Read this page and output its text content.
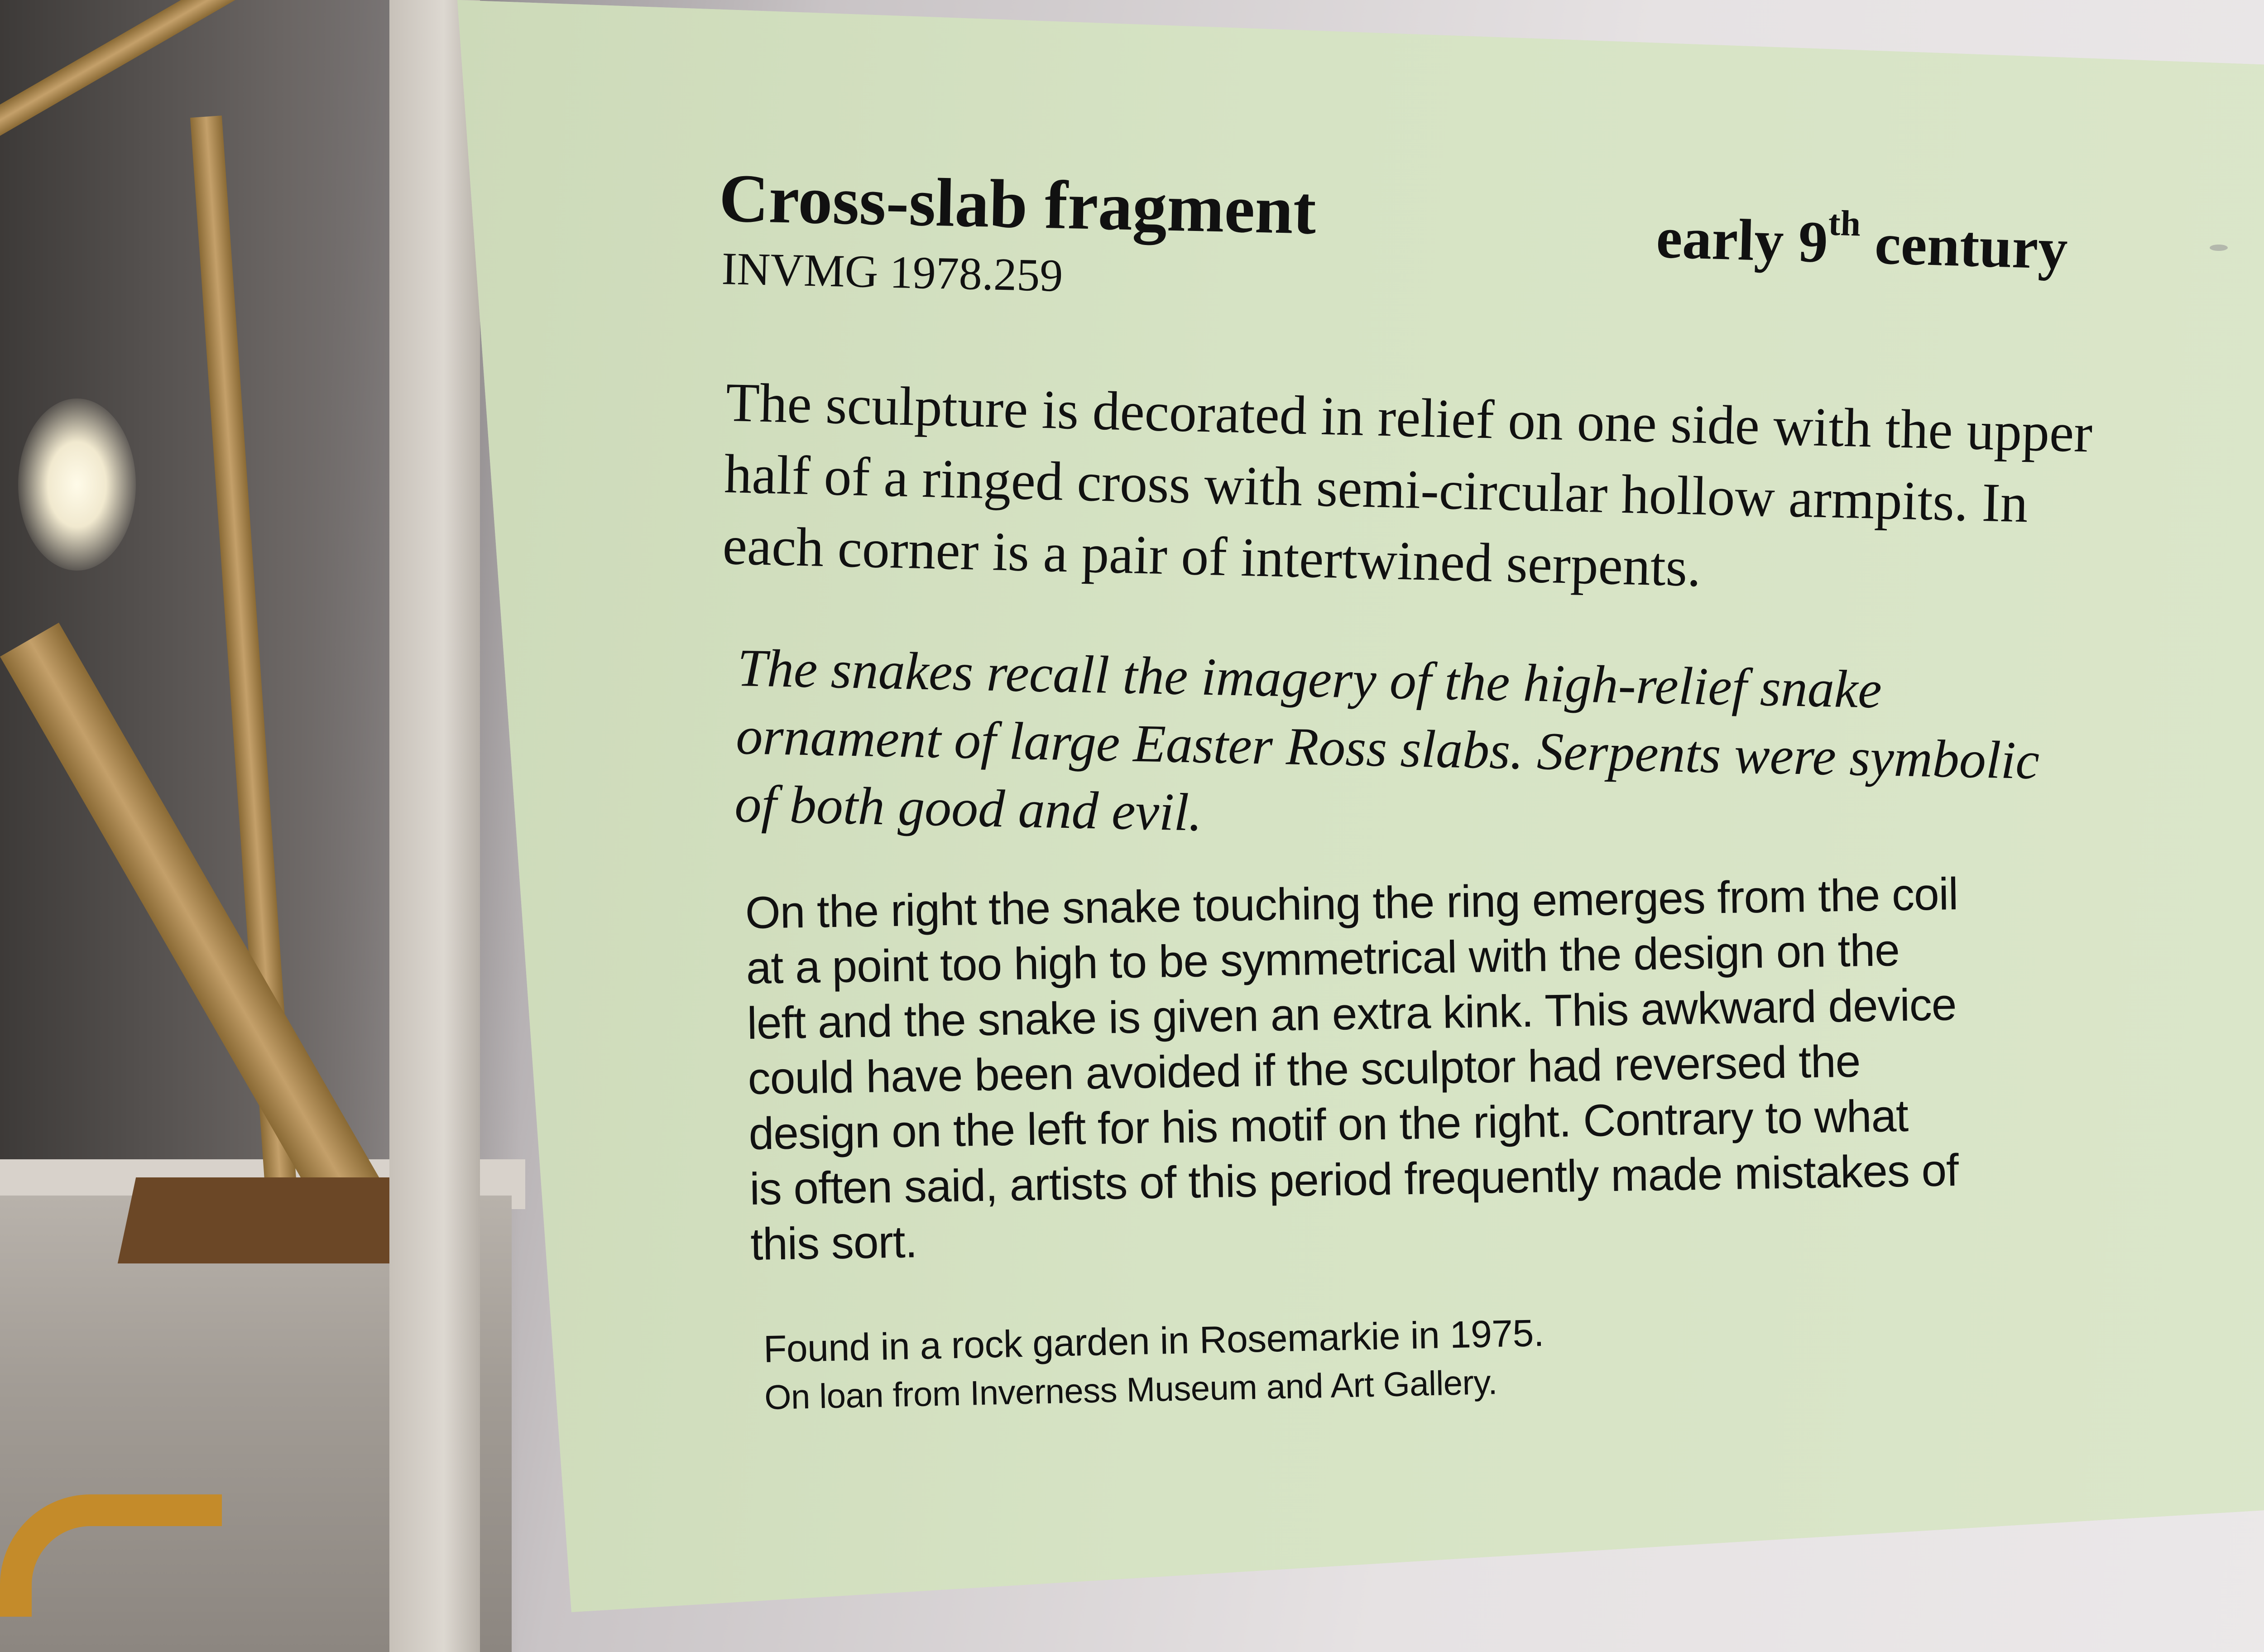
Cross-slab fragment
INVMG 1978.259	early 9th century
The sculpture is decorated in relief on one side with the upper
half of a ringed cross with semi-circular hollow armpits. In
each corner is a pair of intertwined serpents.
The snakes recall the imagery of the high-relief snake
ornament of large Easter Ross slabs. Serpents were symbolic
of both good and evil.
On the right the snake touching the ring emerges from the coil
at a point too high to be symmetrical with the design on the
left and the snake is given an extra kink. This awkward device
could have been avoided if the sculptor had reversed the
design on the left for his motif on the right. Contrary to what
is often said, artists of this period frequently made mistakes of
this sort.
Found in a rock garden in Rosemarkie in 1975.
On loan from Inverness Museum and Art Gallery.
